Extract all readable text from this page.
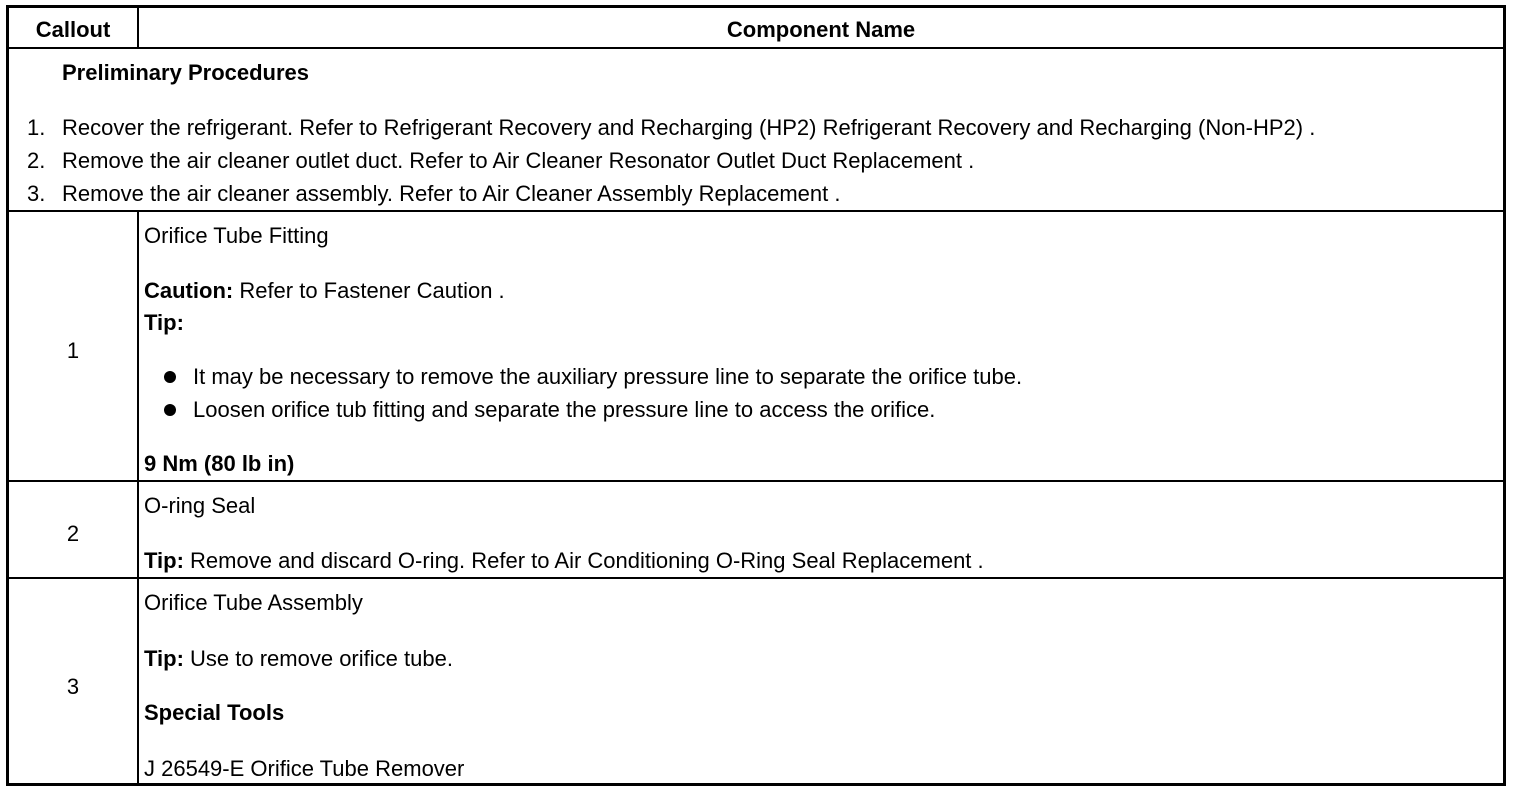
Callout	Component Name
Preliminary Procedures
1. Recover the refrigerant. Refer to Refrigerant Recovery and Recharging (HP2) Refrigerant Recovery and Recharging (Non-HP2) .
2. Remove the air cleaner outlet duct. Refer to Air Cleaner Resonator Outlet Duct Replacement .
3. Remove the air cleaner assembly. Refer to Air Cleaner Assembly Replacement .
1
Orifice Tube Fitting
Caution: Refer to Fastener Caution .
Tip:
It may be necessary to remove the auxiliary pressure line to separate the orifice tube.
Loosen orifice tub fitting and separate the pressure line to access the orifice.
9 Nm (80 lb in)
2
O-ring Seal
Tip: Remove and discard O-ring. Refer to Air Conditioning O-Ring Seal Replacement .
3
Orifice Tube Assembly
Tip: Use to remove orifice tube.
Special Tools
J 26549-E Orifice Tube Remover
